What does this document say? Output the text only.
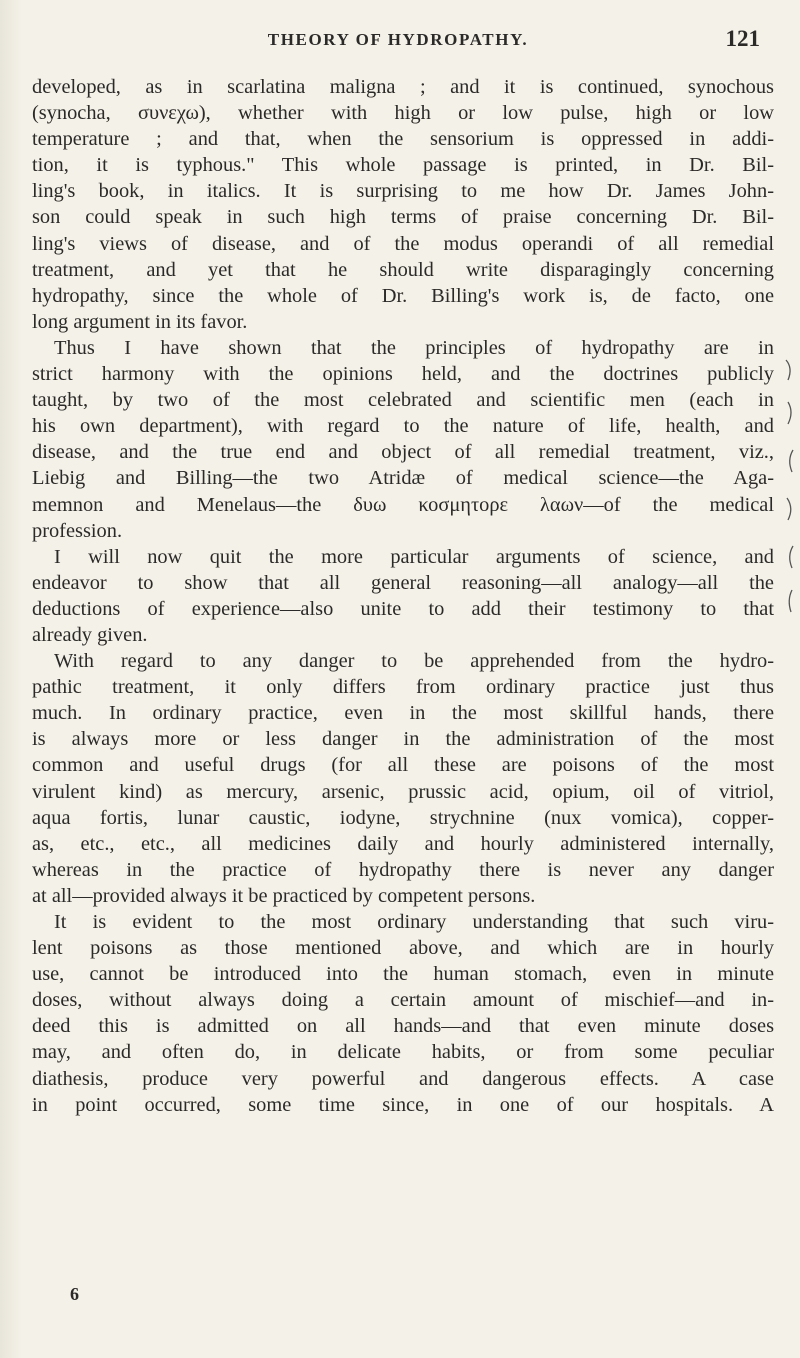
THEORY OF HYDROPATHY.	121
developed, as in scarlatina maligna ; and it is continued, synochous
(synocha, συνεχω), whether with high or low pulse, high or low
temperature ; and that, when the sensorium is oppressed in addi-
tion, it is typhous." This whole passage is printed, in Dr. Bil-
ling's book, in italics. It is surprising to me how Dr. James John-
son could speak in such high terms of praise concerning Dr. Bil-
ling's views of disease, and of the modus operandi of all remedial
treatment, and yet that he should write disparagingly concerning
hydropathy, since the whole of Dr. Billing's work is, de facto, one
long argument in its favor.
Thus I have shown that the principles of hydropathy are in
strict harmony with the opinions held, and the doctrines publicly
taught, by two of the most celebrated and scientific men (each in
his own department), with regard to the nature of life, health, and
disease, and the true end and object of all remedial treatment, viz.,
Liebig and Billing—the two Atridæ of medical science—the Aga-
memnon and Menelaus—the δυω κοσμητορε λαων—of the medical
profession.
I will now quit the more particular arguments of science, and
endeavor to show that all general reasoning—all analogy—all the
deductions of experience—also unite to add their testimony to that
already given.
With regard to any danger to be apprehended from the hydro-
pathic treatment, it only differs from ordinary practice just thus
much. In ordinary practice, even in the most skillful hands, there
is always more or less danger in the administration of the most
common and useful drugs (for all these are poisons of the most
virulent kind) as mercury, arsenic, prussic acid, opium, oil of vitriol,
aqua fortis, lunar caustic, iodyne, strychnine (nux vomica), copper-
as, etc., etc., all medicines daily and hourly administered internally,
whereas in the practice of hydropathy there is never any danger
at all—provided always it be practiced by competent persons.
It is evident to the most ordinary understanding that such viru-
lent poisons as those mentioned above, and which are in hourly
use, cannot be introduced into the human stomach, even in minute
doses, without always doing a certain amount of mischief—and in-
deed this is admitted on all hands—and that even minute doses
may, and often do, in delicate habits, or from some peculiar
diathesis, produce very powerful and dangerous effects. A case
in point occurred, some time since, in one of our hospitals. A
6
